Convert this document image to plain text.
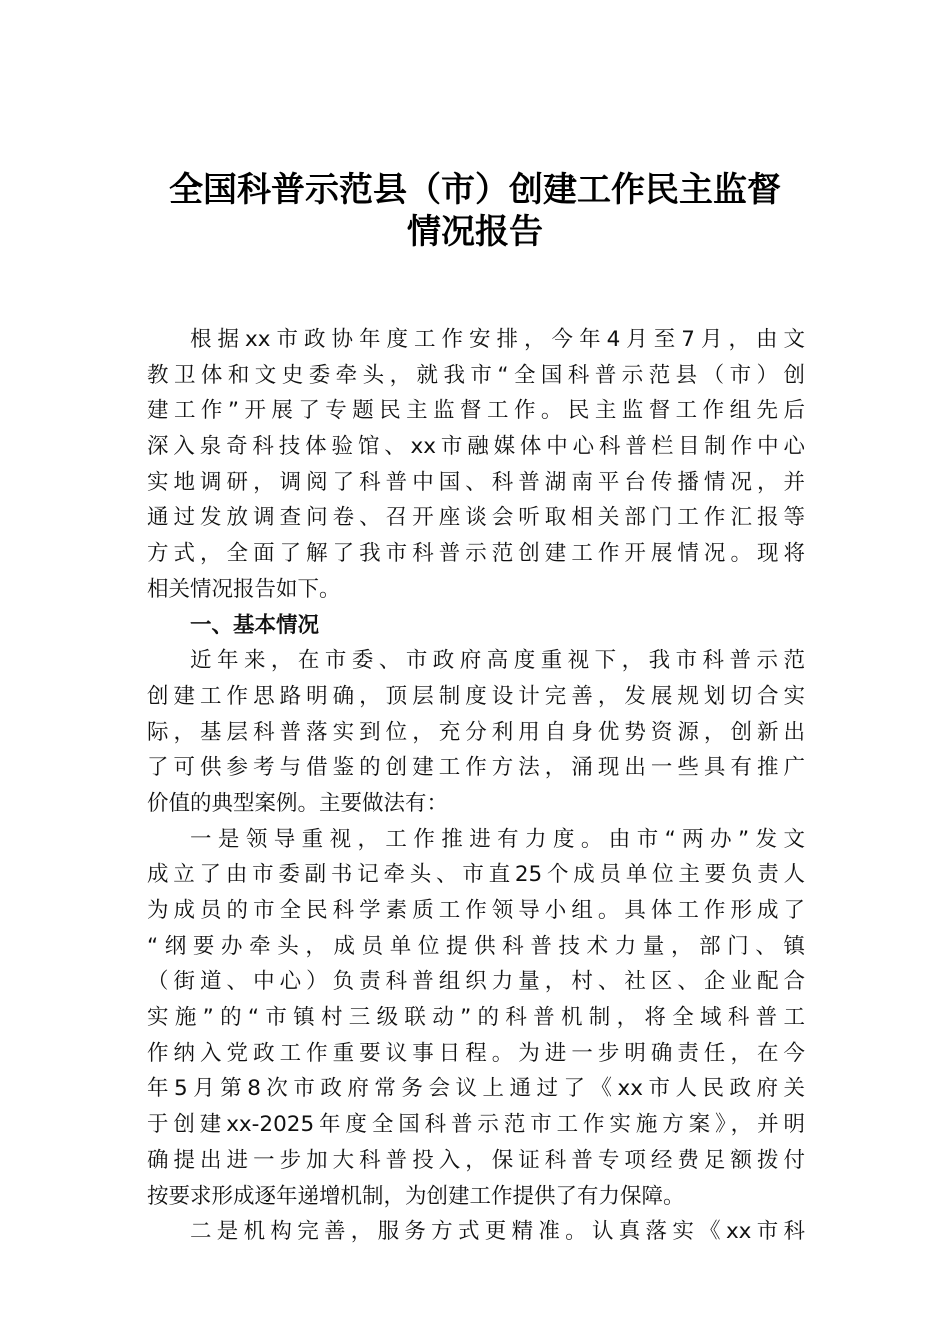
全国科普示范县（市）创建工作民主监督
情况报告
根据xx市政协年度工作安排，今年4月至7月，由文
教卫体和文史委牵头，就我市“全国科普示范县（市）创
建工作”开展了专题民主监督工作。民主监督工作组先后
深入泉奇科技体验馆、xx市融媒体中心科普栏目制作中心
实地调研，调阅了科普中国、科普湖南平台传播情况，并
通过发放调查问卷、召开座谈会听取相关部门工作汇报等
方式，全面了解了我市科普示范创建工作开展情况。现将
相关情况报告如下。
一、基本情况
近年来，在市委、市政府高度重视下，我市科普示范
创建工作思路明确，顶层制度设计完善，发展规划切合实
际，基层科普落实到位，充分利用自身优势资源，创新出
了可供参考与借鉴的创建工作方法，涌现出一些具有推广
价值的典型案例。主要做法有：
一是领导重视，工作推进有力度。由市“两办”发文
成立了由市委副书记牵头、市直25个成员单位主要负责人
为成员的市全民科学素质工作领导小组。具体工作形成了
“纲要办牵头，成员单位提供科普技术力量，部门、镇
（街道、中心）负责科普组织力量，村、社区、企业配合
实施”的“市镇村三级联动”的科普机制，将全域科普工
作纳入党政工作重要议事日程。为进一步明确责任，在今
年5月第8次市政府常务会议上通过了《xx市人民政府关
于创建xx-2025年度全国科普示范市工作实施方案》，并明
确提出进一步加大科普投入，保证科普专项经费足额拨付
按要求形成逐年递增机制，为创建工作提供了有力保障。
二是机构完善，服务方式更精准。认真落实《xx市科
